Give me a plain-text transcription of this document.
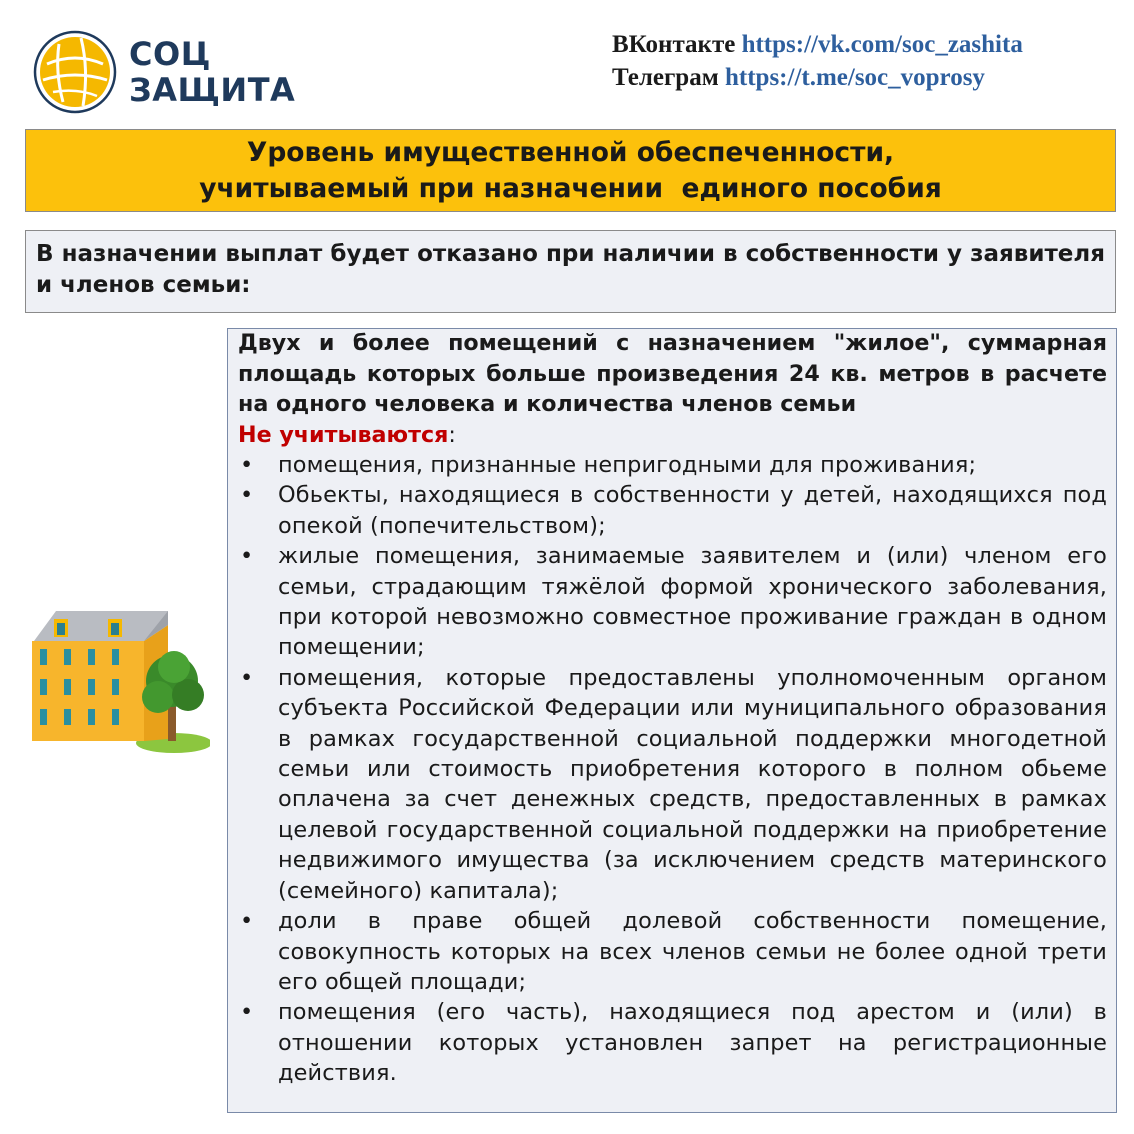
СОЦ
ЗАЩИТА
ВКонтакте https://vk.com/soc_zashita
Телеграм https://t.me/soc_voprosy
Уровень имущественной обеспеченности,
учитываемый при назначении  единого пособия
В назначении выплат будет отказано при наличии в собственности у заявителя и членов семьи:
Двух и более помещений с назначением "жилое", суммарная площадь которых больше произведения 24 кв. метров в расчете на одного человека и количества членов семьи
Не учитываются:
• помещения, признанные непригодными для проживания;
• Обьекты, находящиеся в собственности у детей, находящихся под опекой (попечительством);
• жилые помещения, занимаемые заявителем и (или) членом его семьи, страдающим тяжёлой формой хронического заболевания, при которой невозможно совместное проживание граждан в одном помещении;
• помещения, которые предоставлены уполномоченным органом субъекта Российской Федерации или муниципального образования в рамках государственной социальной поддержки многодетной семьи или стоимость приобретения которого в полном обьеме оплачена за счет денежных средств, предоставленных в рамках целевой государственной социальной поддержки на приобретение недвижимого имущества (за исключением средств материнского (семейного) капитала);
• доли в праве общей долевой собственности помещение, совокупность которых на всех членов семьи не более одной трети его общей площади;
• помещения (его часть), находящиеся под арестом и (или) в отношении которых установлен запрет на регистрационные действия.
